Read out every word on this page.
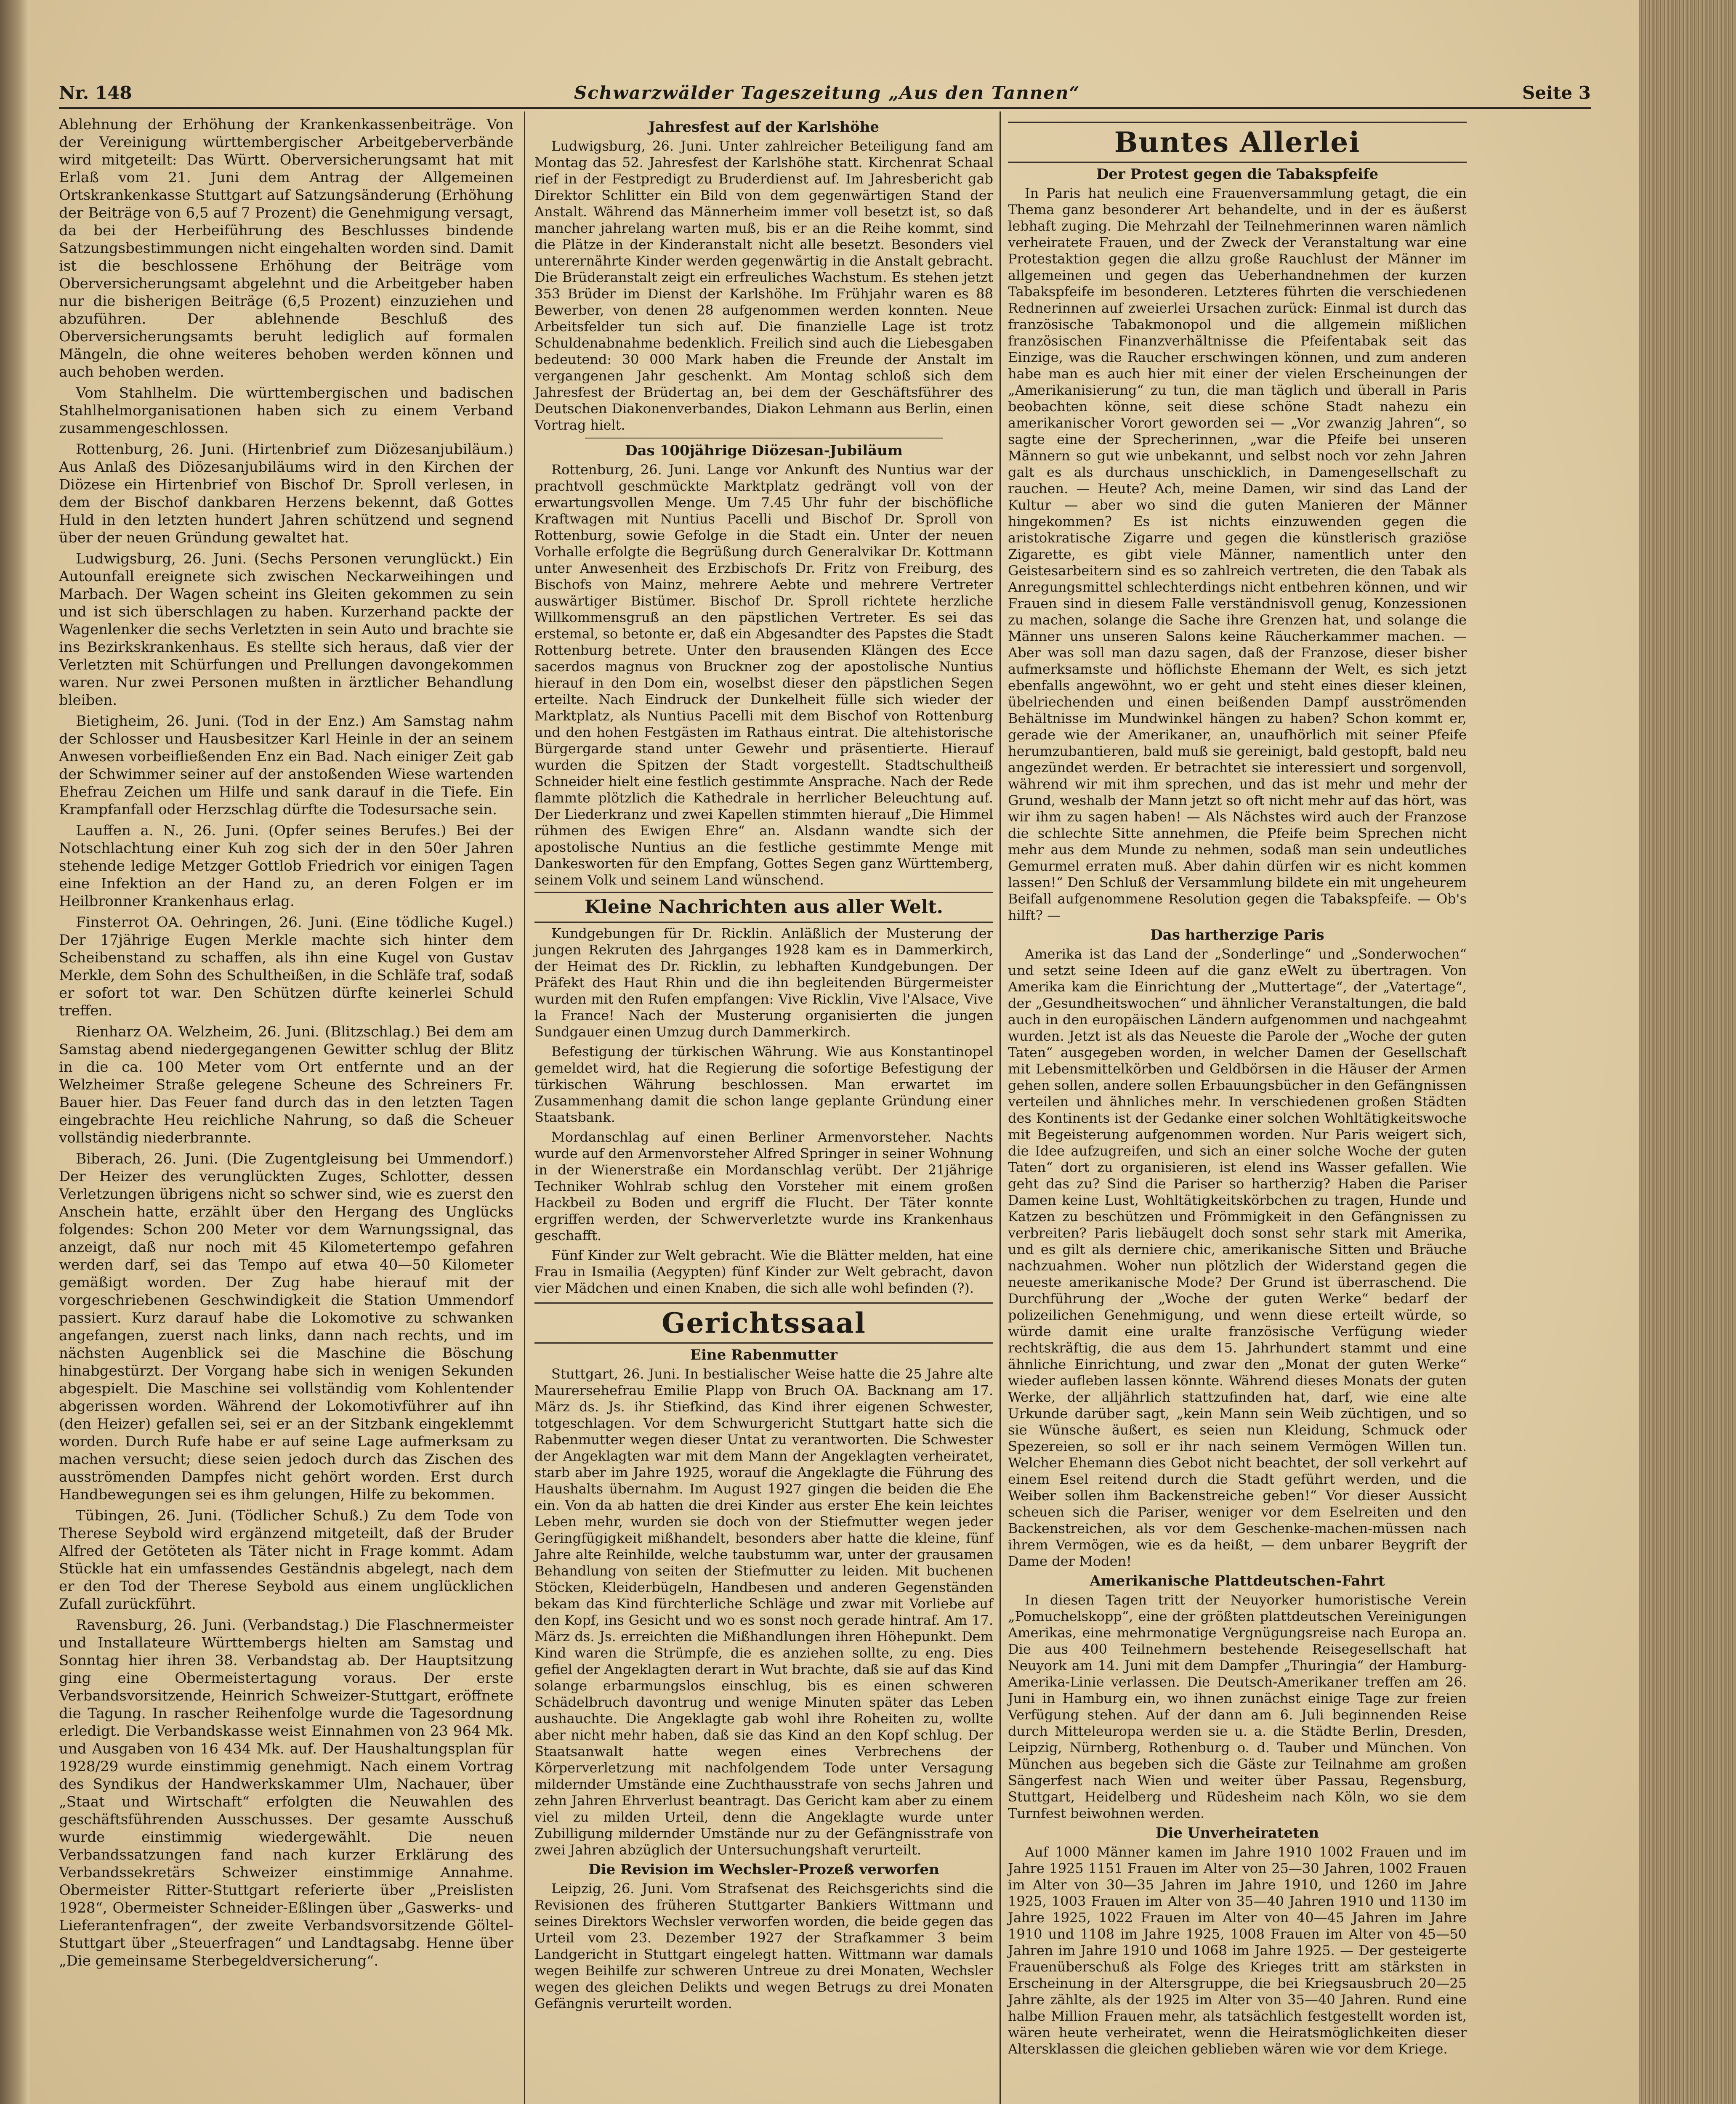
Nr. 148	Schwarzwälder Tageszeitung „Aus den Tannen“	Seite 3

Ablehnung der Erhöhung der Krankenkassenbeiträge. Von der Vereinigung württembergischer Arbeitgeberverbände wird mitgeteilt: Das Württ. Oberversicherungsamt hat mit Erlaß vom 21. Juni dem Antrag der Allgemeinen Ortskrankenkasse Stuttgart auf Satzungsänderung (Erhöhung der Beiträge von 6,5 auf 7 Prozent) die Genehmigung versagt, da bei der Herbeiführung des Beschlusses bindende Satzungsbestimmungen nicht eingehalten worden sind. Damit ist die beschlossene Erhöhung der Beiträge vom Oberversicherungsamt abgelehnt und die Arbeitgeber haben nur die bisherigen Beiträge (6,5 Prozent) einzuziehen und abzuführen. Der ablehnende Beschluß des Oberversicherungsamts beruht lediglich auf formalen Mängeln, die ohne weiteres behoben werden können und auch behoben werden.

Vom Stahlhelm. Die württembergischen und badischen Stahlhelmorganisationen haben sich zu einem Verband zusammengeschlossen.

Rottenburg, 26. Juni. (Hirtenbrief zum Diözesanjubiläum.) Aus Anlaß des Diözesanjubiläums wird in den Kirchen der Diözese ein Hirtenbrief von Bischof Dr. Sproll verlesen, in dem der Bischof dankbaren Herzens bekennt, daß Gottes Huld in den letzten hundert Jahren schützend und segnend über der neuen Gründung gewaltet hat.

Ludwigsburg, 26. Juni. (Sechs Personen verunglückt.) Ein Autounfall ereignete sich zwischen Neckarweihingen und Marbach. Der Wagen scheint ins Gleiten gekommen zu sein und ist sich überschlagen zu haben. Kurzerhand packte der Wagenlenker die sechs Verletzten in sein Auto und brachte sie ins Bezirkskrankenhaus. Es stellte sich heraus, daß vier der Verletzten mit Schürfungen und Prellungen davongekommen waren. Nur zwei Personen mußten in ärztlicher Behandlung bleiben.

Bietigheim, 26. Juni. (Tod in der Enz.) Am Samstag nahm der Schlosser und Hausbesitzer Karl Heinle in der an seinem Anwesen vorbeifließenden Enz ein Bad. Nach einiger Zeit gab der Schwimmer seiner auf der anstoßenden Wiese wartenden Ehefrau Zeichen um Hilfe und sank darauf in die Tiefe. Ein Krampfanfall oder Herzschlag dürfte die Todesursache sein.

Lauffen a. N., 26. Juni. (Opfer seines Berufes.) Bei der Notschlachtung einer Kuh zog sich der in den 50er Jahren stehende ledige Metzger Gottlob Friedrich vor einigen Tagen eine Infektion an der Hand zu, an deren Folgen er im Heilbronner Krankenhaus erlag.

Finsterrot OA. Oehringen, 26. Juni. (Eine tödliche Kugel.) Der 17jährige Eugen Merkle machte sich hinter dem Scheibenstand zu schaffen, als ihn eine Kugel von Gustav Merkle, dem Sohn des Schultheißen, in die Schläfe traf, sodaß er sofort tot war. Den Schützen dürfte keinerlei Schuld treffen.

Rienharz OA. Welzheim, 26. Juni. (Blitzschlag.) Bei dem am Samstag abend niedergegangenen Gewitter schlug der Blitz in die ca. 100 Meter vom Ort entfernte und an der Welzheimer Straße gelegene Scheune des Schreiners Fr. Bauer hier. Das Feuer fand durch das in den letzten Tagen eingebrachte Heu reichliche Nahrung, so daß die Scheuer vollständig niederbrannte.

Biberach, 26. Juni. (Die Zugentgleisung bei Ummendorf.) Der Heizer des verunglückten Zuges, Schlotter, dessen Verletzungen übrigens nicht so schwer sind, wie es zuerst den Anschein hatte, erzählt über den Hergang des Unglücks folgendes: Schon 200 Meter vor dem Warnungssignal, das anzeigt, daß nur noch mit 45 Kilometertempo gefahren werden darf, sei das Tempo auf etwa 40—50 Kilometer gemäßigt worden. Der Zug habe hierauf mit der vorgeschriebenen Geschwindigkeit die Station Ummendorf passiert. Kurz darauf habe die Lokomotive zu schwanken angefangen, zuerst nach links, dann nach rechts, und im nächsten Augenblick sei die Maschine die Böschung hinabgestürzt. Der Vorgang habe sich in wenigen Sekunden abgespielt. Die Maschine sei vollständig vom Kohlentender abgerissen worden. Während der Lokomotivführer auf ihn (den Heizer) gefallen sei, sei er an der Sitzbank eingeklemmt worden. Durch Rufe habe er auf seine Lage aufmerksam zu machen versucht; diese seien jedoch durch das Zischen des ausströmenden Dampfes nicht gehört worden. Erst durch Handbewegungen sei es ihm gelungen, Hilfe zu bekommen.

Tübingen, 26. Juni. (Tödlicher Schuß.) Zu dem Tode von Therese Seybold wird ergänzend mitgeteilt, daß der Bruder Alfred der Getöteten als Täter nicht in Frage kommt. Adam Stückle hat ein umfassendes Geständnis abgelegt, nach dem er den Tod der Therese Seybold aus einem unglücklichen Zufall zurückführt.

Ravensburg, 26. Juni. (Verbandstag.) Die Flaschnermeister und Installateure Württembergs hielten am Samstag und Sonntag hier ihren 38. Verbandstag ab. Der Hauptsitzung ging eine Obermeistertagung voraus. Der erste Verbandsvorsitzende, Heinrich Schweizer-Stuttgart, eröffnete die Tagung. In rascher Reihenfolge wurde die Tagesordnung erledigt. Die Verbandskasse weist Einnahmen von 23 964 Mk. und Ausgaben von 16 434 Mk. auf. Der Haushaltungsplan für 1928/29 wurde einstimmig genehmigt. Nach einem Vortrag des Syndikus der Handwerkskammer Ulm, Nachauer, über „Staat und Wirtschaft“ erfolgten die Neuwahlen des geschäftsführenden Ausschusses. Der gesamte Ausschuß wurde einstimmig wiedergewählt. Die neuen Verbandssatzungen fand nach kurzer Erklärung des Verbandssekretärs Schweizer einstimmige Annahme. Obermeister Ritter-Stuttgart referierte über „Preislisten 1928“, Obermeister Schneider-Eßlingen über „Gaswerks- und Lieferantenfragen“, der zweite Verbandsvorsitzende Göltel-Stuttgart über „Steuerfragen“ und Landtagsabg. Henne über „Die gemeinsame Sterbegeldversicherung“.

Jahresfest auf der Karlshöhe

Ludwigsburg, 26. Juni. Unter zahlreicher Beteiligung fand am Montag das 52. Jahresfest der Karlshöhe statt. Kirchenrat Schaal rief in der Festpredigt zu Bruderdienst auf. Im Jahresbericht gab Direktor Schlitter ein Bild von dem gegenwärtigen Stand der Anstalt. Während das Männerheim immer voll besetzt ist, so daß mancher jahrelang warten muß, bis er an die Reihe kommt, sind die Plätze in der Kinderanstalt nicht alle besetzt. Besonders viel unterernährte Kinder werden gegenwärtig in die Anstalt gebracht. Die Brüderanstalt zeigt ein erfreuliches Wachstum. Es stehen jetzt 353 Brüder im Dienst der Karlshöhe. Im Frühjahr waren es 88 Bewerber, von denen 28 aufgenommen werden konnten. Neue Arbeitsfelder tun sich auf. Die finanzielle Lage ist trotz Schuldenabnahme bedenklich. Freilich sind auch die Liebesgaben bedeutend: 30 000 Mark haben die Freunde der Anstalt im vergangenen Jahr geschenkt. Am Montag schloß sich dem Jahresfest der Brüdertag an, bei dem der Geschäftsführer des Deutschen Diakonenverbandes, Diakon Lehmann aus Berlin, einen Vortrag hielt.

Das 100jährige Diözesan-Jubiläum

Rottenburg, 26. Juni. Lange vor Ankunft des Nuntius war der prachtvoll geschmückte Marktplatz gedrängt voll von der erwartungsvollen Menge. Um 7.45 Uhr fuhr der bischöfliche Kraftwagen mit Nuntius Pacelli und Bischof Dr. Sproll von Rottenburg, sowie Gefolge in die Stadt ein. Unter der neuen Vorhalle erfolgte die Begrüßung durch Generalvikar Dr. Kottmann unter Anwesenheit des Erzbischofs Dr. Fritz von Freiburg, des Bischofs von Mainz, mehrere Aebte und mehrere Vertreter auswärtiger Bistümer. Bischof Dr. Sproll richtete herzliche Willkommensgruß an den päpstlichen Vertreter. Es sei das erstemal, so betonte er, daß ein Abgesandter des Papstes die Stadt Rottenburg betrete. Unter den brausenden Klängen des Ecce sacerdos magnus von Bruckner zog der apostolische Nuntius hierauf in den Dom ein, woselbst dieser den päpstlichen Segen erteilte. Nach Eindruck der Dunkelheit fülle sich wieder der Marktplatz, als Nuntius Pacelli mit dem Bischof von Rottenburg und den hohen Festgästen im Rathaus eintrat. Die altehistorische Bürgergarde stand unter Gewehr und präsentierte. Hierauf wurden die Spitzen der Stadt vorgestellt. Stadtschultheiß Schneider hielt eine festlich gestimmte Ansprache. Nach der Rede flammte plötzlich die Kathedrale in herrlicher Beleuchtung auf. Der Liederkranz und zwei Kapellen stimmten hierauf „Die Himmel rühmen des Ewigen Ehre“ an. Alsdann wandte sich der apostolische Nuntius an die festliche gestimmte Menge mit Dankesworten für den Empfang, Gottes Segen ganz Württemberg, seinem Volk und seinem Land wünschend.

Kleine Nachrichten aus aller Welt.

Kundgebungen für Dr. Ricklin. Anläßlich der Musterung der jungen Rekruten des Jahrganges 1928 kam es in Dammerkirch, der Heimat des Dr. Ricklin, zu lebhaften Kundgebungen. Der Präfekt des Haut Rhin und die ihn begleitenden Bürgermeister wurden mit den Rufen empfangen: Vive Ricklin, Vive l'Alsace, Vive la France! Nach der Musterung organisierten die jungen Sundgauer einen Umzug durch Dammerkirch.

Befestigung der türkischen Währung. Wie aus Konstantinopel gemeldet wird, hat die Regierung die sofortige Befestigung der türkischen Währung beschlossen. Man erwartet im Zusammenhang damit die schon lange geplante Gründung einer Staatsbank.

Mordanschlag auf einen Berliner Armenvorsteher. Nachts wurde auf den Armenvorsteher Alfred Springer in seiner Wohnung in der Wienerstraße ein Mordanschlag verübt. Der 21jährige Techniker Wohlrab schlug den Vorsteher mit einem großen Hackbeil zu Boden und ergriff die Flucht. Der Täter konnte ergriffen werden, der Schwerverletzte wurde ins Krankenhaus geschafft.

Fünf Kinder zur Welt gebracht. Wie die Blätter melden, hat eine Frau in Ismailia (Aegypten) fünf Kinder zur Welt gebracht, davon vier Mädchen und einen Knaben, die sich alle wohl befinden (?).

Gerichtssaal
Eine Rabenmutter

Stuttgart, 26. Juni. In bestialischer Weise hatte die 25 Jahre alte Maurersehefrau Emilie Plapp von Bruch OA. Backnang am 17. März ds. Js. ihr Stiefkind, das Kind ihrer eigenen Schwester, totgeschlagen. Vor dem Schwurgericht Stuttgart hatte sich die Rabenmutter wegen dieser Untat zu verantworten. Die Schwester der Angeklagten war mit dem Mann der Angeklagten verheiratet, starb aber im Jahre 1925, worauf die Angeklagte die Führung des Haushalts übernahm. Im August 1927 gingen die beiden die Ehe ein. Von da ab hatten die drei Kinder aus erster Ehe kein leichtes Leben mehr, wurden sie doch von der Stiefmutter wegen jeder Geringfügigkeit mißhandelt, besonders aber hatte die kleine, fünf Jahre alte Reinhilde, welche taubstumm war, unter der grausamen Behandlung von seiten der Stiefmutter zu leiden. Mit buchenen Stöcken, Kleiderbügeln, Handbesen und anderen Gegenständen bekam das Kind fürchterliche Schläge und zwar mit Vorliebe auf den Kopf, ins Gesicht und wo es sonst noch gerade hintraf. Am 17. März ds. Js. erreichten die Mißhandlungen ihren Höhepunkt. Dem Kind waren die Strümpfe, die es anziehen sollte, zu eng. Dies gefiel der Angeklagten derart in Wut brachte, daß sie auf das Kind solange erbarmungslos einschlug, bis es einen schweren Schädelbruch davontrug und wenige Minuten später das Leben aushauchte. Die Angeklagte gab wohl ihre Roheiten zu, wollte aber nicht mehr haben, daß sie das Kind an den Kopf schlug. Der Staatsanwalt hatte wegen eines Verbrechens der Körperverletzung mit nachfolgendem Tode unter Versagung mildernder Umstände eine Zuchthausstrafe von sechs Jahren und zehn Jahren Ehrverlust beantragt. Das Gericht kam aber zu einem viel zu milden Urteil, denn die Angeklagte wurde unter Zubilligung mildernder Umstände nur zu der Gefängnisstrafe von zwei Jahren abzüglich der Untersuchungshaft verurteilt.

Die Revision im Wechsler-Prozeß verworfen

Leipzig, 26. Juni. Vom Strafsenat des Reichsgerichts sind die Revisionen des früheren Stuttgarter Bankiers Wittmann und seines Direktors Wechsler verworfen worden, die beide gegen das Urteil vom 23. Dezember 1927 der Strafkammer 3 beim Landgericht in Stuttgart eingelegt hatten. Wittmann war damals wegen Beihilfe zur schweren Untreue zu drei Monaten, Wechsler wegen des gleichen Delikts und wegen Betrugs zu drei Monaten Gefängnis verurteilt worden.

Buntes Allerlei
Der Protest gegen die Tabakspfeife

In Paris hat neulich eine Frauenversammlung getagt, die ein Thema ganz besonderer Art behandelte, und in der es äußerst lebhaft zuging. Die Mehrzahl der Teilnehmerinnen waren nämlich verheiratete Frauen, und der Zweck der Veranstaltung war eine Protestaktion gegen die allzu große Rauchlust der Männer im allgemeinen und gegen das Ueberhandnehmen der kurzen Tabakspfeife im besonderen. Letzteres führten die verschiedenen Rednerinnen auf zweierlei Ursachen zurück: Einmal ist durch das französische Tabakmonopol und die allgemein mißlichen französischen Finanzverhältnisse die Pfeifentabak seit das Einzige, was die Raucher erschwingen können, und zum anderen habe man es auch hier mit einer der vielen Erscheinungen der „Amerikanisierung“ zu tun, die man täglich und überall in Paris beobachten könne, seit diese schöne Stadt nahezu ein amerikanischer Vorort geworden sei — „Vor zwanzig Jahren“, so sagte eine der Sprecherinnen, „war die Pfeife bei unseren Männern so gut wie unbekannt, und selbst noch vor zehn Jahren galt es als durchaus unschicklich, in Damengesellschaft zu rauchen. — Heute? Ach, meine Damen, wir sind das Land der Kultur — aber wo sind die guten Manieren der Männer hingekommen? Es ist nichts einzuwenden gegen die aristokratische Zigarre und gegen die künstlerisch graziöse Zigarette, es gibt viele Männer, namentlich unter den Geistesarbeitern sind es so zahlreich vertreten, die den Tabak als Anregungsmittel schlechterdings nicht entbehren können, und wir Frauen sind in diesem Falle verständnisvoll genug, Konzessionen zu machen, solange die Sache ihre Grenzen hat, und solange die Männer uns unseren Salons keine Räucherkammer machen. — Aber was soll man dazu sagen, daß der Franzose, dieser bisher aufmerksamste und höflichste Ehemann der Welt, es sich jetzt ebenfalls angewöhnt, wo er geht und steht eines dieser kleinen, übelriechenden und einen beißenden Dampf ausströmenden Behältnisse im Mundwinkel hängen zu haben? Schon kommt er, gerade wie der Amerikaner, an, unaufhörlich mit seiner Pfeife herumzubantieren, bald muß sie gereinigt, bald gestopft, bald neu angezündet werden. Er betrachtet sie interessiert und sorgenvoll, während wir mit ihm sprechen, und das ist mehr und mehr der Grund, weshalb der Mann jetzt so oft nicht mehr auf das hört, was wir ihm zu sagen haben! — Als Nächstes wird auch der Franzose die schlechte Sitte annehmen, die Pfeife beim Sprechen nicht mehr aus dem Munde zu nehmen, sodaß man sein undeutliches Gemurmel erraten muß. Aber dahin dürfen wir es nicht kommen lassen!“ Den Schluß der Versammlung bildete ein mit ungeheurem Beifall aufgenommene Resolution gegen die Tabakspfeife. — Ob's hilft? —

Das hartherzige Paris

Amerika ist das Land der „Sonderlinge“ und „Sonderwochen“ und setzt seine Ideen auf die ganz eWelt zu übertragen. Von Amerika kam die Einrichtung der „Muttertage“, der „Vatertage“, der „Gesundheitswochen“ und ähnlicher Veranstaltungen, die bald auch in den europäischen Ländern aufgenommen und nachgeahmt wurden. Jetzt ist als das Neueste die Parole der „Woche der guten Taten“ ausgegeben worden, in welcher Damen der Gesellschaft mit Lebensmittelkörben und Geldbörsen in die Häuser der Armen gehen sollen, andere sollen Erbauungsbücher in den Gefängnissen verteilen und ähnliches mehr. In verschiedenen großen Städten des Kontinents ist der Gedanke einer solchen Wohltätigkeitswoche mit Begeisterung aufgenommen worden. Nur Paris weigert sich, die Idee aufzugreifen, und sich an einer solche Woche der guten Taten“ dort zu organisieren, ist elend ins Wasser gefallen. Wie geht das zu? Sind die Pariser so hartherzig? Haben die Pariser Damen keine Lust, Wohltätigkeitskörbchen zu tragen, Hunde und Katzen zu beschützen und Frömmigkeit in den Gefängnissen zu verbreiten? Paris liebäugelt doch sonst sehr stark mit Amerika, und es gilt als derniere chic, amerikanische Sitten und Bräuche nachzuahmen. Woher nun plötzlich der Widerstand gegen die neueste amerikanische Mode? Der Grund ist überraschend. Die Durchführung der „Woche der guten Werke“ bedarf der polizeilichen Genehmigung, und wenn diese erteilt würde, so würde damit eine uralte französische Verfügung wieder rechtskräftig, die aus dem 15. Jahrhundert stammt und eine ähnliche Einrichtung, und zwar den „Monat der guten Werke“ wieder aufleben lassen könnte. Während dieses Monats der guten Werke, der alljährlich stattzufinden hat, darf, wie eine alte Urkunde darüber sagt, „kein Mann sein Weib züchtigen, und so sie Wünsche äußert, es seien nun Kleidung, Schmuck oder Spezereien, so soll er ihr nach seinem Vermögen Willen tun. Welcher Ehemann dies Gebot nicht beachtet, der soll verkehrt auf einem Esel reitend durch die Stadt geführt werden, und die Weiber sollen ihm Backenstreiche geben!“ Vor dieser Aussicht scheuen sich die Pariser, weniger vor dem Eselreiten und den Backenstreichen, als vor dem Geschenke-machen-müssen nach ihrem Vermögen, wie es da heißt, — dem unbarer Beygrift der Dame der Moden!

Amerikanische Plattdeutschen-Fahrt

In diesen Tagen tritt der Neuyorker humoristische Verein „Pomuchelskopp“, eine der größten plattdeutschen Vereinigungen Amerikas, eine mehrmonatige Vergnügungsreise nach Europa an. Die aus 400 Teilnehmern bestehende Reisegesellschaft hat Neuyork am 14. Juni mit dem Dampfer „Thuringia“ der Hamburg-Amerika-Linie verlassen. Die Deutsch-Amerikaner treffen am 26. Juni in Hamburg ein, wo ihnen zunächst einige Tage zur freien Verfügung stehen. Auf der dann am 6. Juli beginnenden Reise durch Mitteleuropa werden sie u. a. die Städte Berlin, Dresden, Leipzig, Nürnberg, Rothenburg o. d. Tauber und München. Von München aus begeben sich die Gäste zur Teilnahme am großen Sängerfest nach Wien und weiter über Passau, Regensburg, Stuttgart, Heidelberg und Rüdesheim nach Köln, wo sie dem Turnfest beiwohnen werden.

Die Unverheirateten

Auf 1000 Männer kamen im Jahre 1910 1002 Frauen und im Jahre 1925 1151 Frauen im Alter von 25—30 Jahren, 1002 Frauen im Alter von 30—35 Jahren im Jahre 1910, und 1260 im Jahre 1925, 1003 Frauen im Alter von 35—40 Jahren 1910 und 1130 im Jahre 1925, 1022 Frauen im Alter von 40—45 Jahren im Jahre 1910 und 1108 im Jahre 1925, 1008 Frauen im Alter von 45—50 Jahren im Jahre 1910 und 1068 im Jahre 1925. — Der gesteigerte Frauenüberschuß als Folge des Krieges tritt am stärksten in Erscheinung in der Altersgruppe, die bei Kriegsausbruch 20—25 Jahre zählte, als der 1925 im Alter von 35—40 Jahren. Rund eine halbe Million Frauen mehr, als tatsächlich festgestellt worden ist, wären heute verheiratet, wenn die Heiratsmöglichkeiten dieser Altersklassen die gleichen geblieben wären wie vor dem Kriege.
